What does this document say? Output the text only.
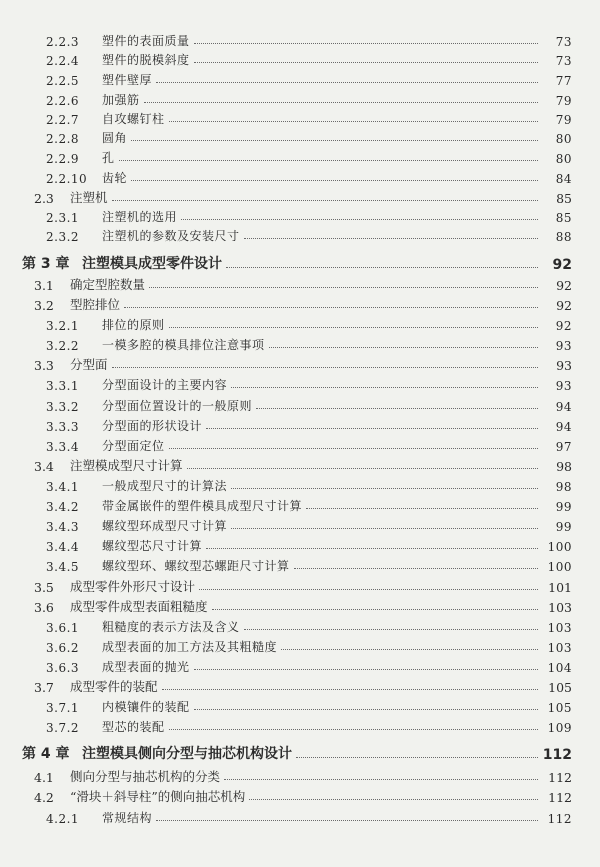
2.2.3	塑件的表面质量	73
2.2.4	塑件的脱模斜度	73
2.2.5	塑件壁厚	77
2.2.6	加强筋	79
2.2.7	自攻螺钉柱	79
2.2.8	圆角	80
2.2.9	孔	80
2.2.10	齿轮	84
2.3	注塑机	85
2.3.1	注塑机的选用	85
2.3.2	注塑机的参数及安装尺寸	88
第 3 章 注塑模具成型零件设计	92
3.1	确定型腔数量	92
3.2	型腔排位	92
3.2.1	排位的原则	92
3.2.2	一模多腔的模具排位注意事项	93
3.3	分型面	93
3.3.1	分型面设计的主要内容	93
3.3.2	分型面位置设计的一般原则	94
3.3.3	分型面的形状设计	94
3.3.4	分型面定位	97
3.4	注塑模成型尺寸计算	98
3.4.1	一般成型尺寸的计算法	98
3.4.2	带金属嵌件的塑件模具成型尺寸计算	99
3.4.3	螺纹型环成型尺寸计算	99
3.4.4	螺纹型芯尺寸计算	100
3.4.5	螺纹型环、螺纹型芯螺距尺寸计算	100
3.5	成型零件外形尺寸设计	101
3.6	成型零件成型表面粗糙度	103
3.6.1	粗糙度的表示方法及含义	103
3.6.2	成型表面的加工方法及其粗糙度	103
3.6.3	成型表面的抛光	104
3.7	成型零件的装配	105
3.7.1	内模镶件的装配	105
3.7.2	型芯的装配	109
第 4 章 注塑模具侧向分型与抽芯机构设计	112
4.1	侧向分型与抽芯机构的分类	112
4.2	“滑块＋斜导柱”的侧向抽芯机构	112
4.2.1	常规结构	112
